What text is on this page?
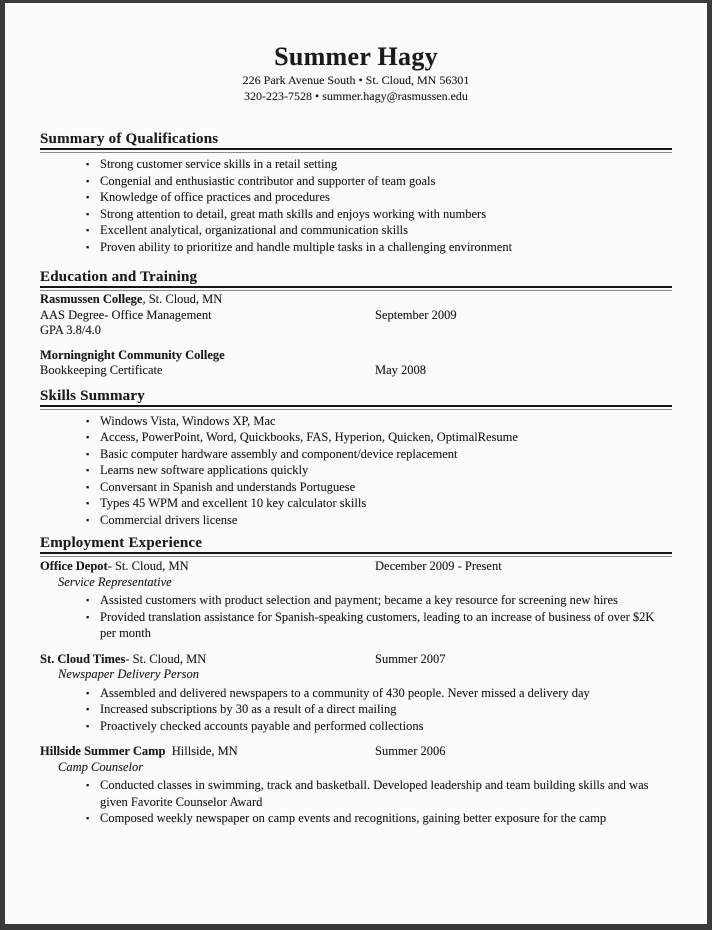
Summer Hagy
226 Park Avenue South • St. Cloud, MN 56301
320-223-7528 • summer.hagy@rasmussen.edu
Summary of Qualifications
▪ Strong customer service skills in a retail setting
▪ Congenial and enthusiastic contributor and supporter of team goals
▪ Knowledge of office practices and procedures
▪ Strong attention to detail, great math skills and enjoys working with numbers
▪ Excellent analytical, organizational and communication skills
▪ Proven ability to prioritize and handle multiple tasks in a challenging environment
Education and Training
Rasmussen College, St. Cloud, MN
AAS Degree- Office Management	September 2009
GPA 3.8/4.0
Morningnight Community College
Bookkeeping Certificate	May 2008
Skills Summary
▪ Windows Vista, Windows XP, Mac
▪ Access, PowerPoint, Word, Quickbooks, FAS, Hyperion, Quicken, OptimalResume
▪ Basic computer hardware assembly and component/device replacement
▪ Learns new software applications quickly
▪ Conversant in Spanish and understands Portuguese
▪ Types 45 WPM and excellent 10 key calculator skills
▪ Commercial drivers license
Employment Experience
Office Depot- St. Cloud, MN	December 2009 - Present
Service Representative
▪ Assisted customers with product selection and payment; became a key resource for screening new hires
▪ Provided translation assistance for Spanish-speaking customers, leading to an increase of business of over $2K per month
St. Cloud Times- St. Cloud, MN	Summer 2007
Newspaper Delivery Person
▪ Assembled and delivered newspapers to a community of 430 people. Never missed a delivery day
▪ Increased subscriptions by 30 as a result of a direct mailing
▪ Proactively checked accounts payable and performed collections
Hillside Summer Camp  Hillside, MN	Summer 2006
Camp Counselor
▪ Conducted classes in swimming, track and basketball. Developed leadership and team building skills and was given Favorite Counselor Award
▪ Composed weekly newspaper on camp events and recognitions, gaining better exposure for the camp
